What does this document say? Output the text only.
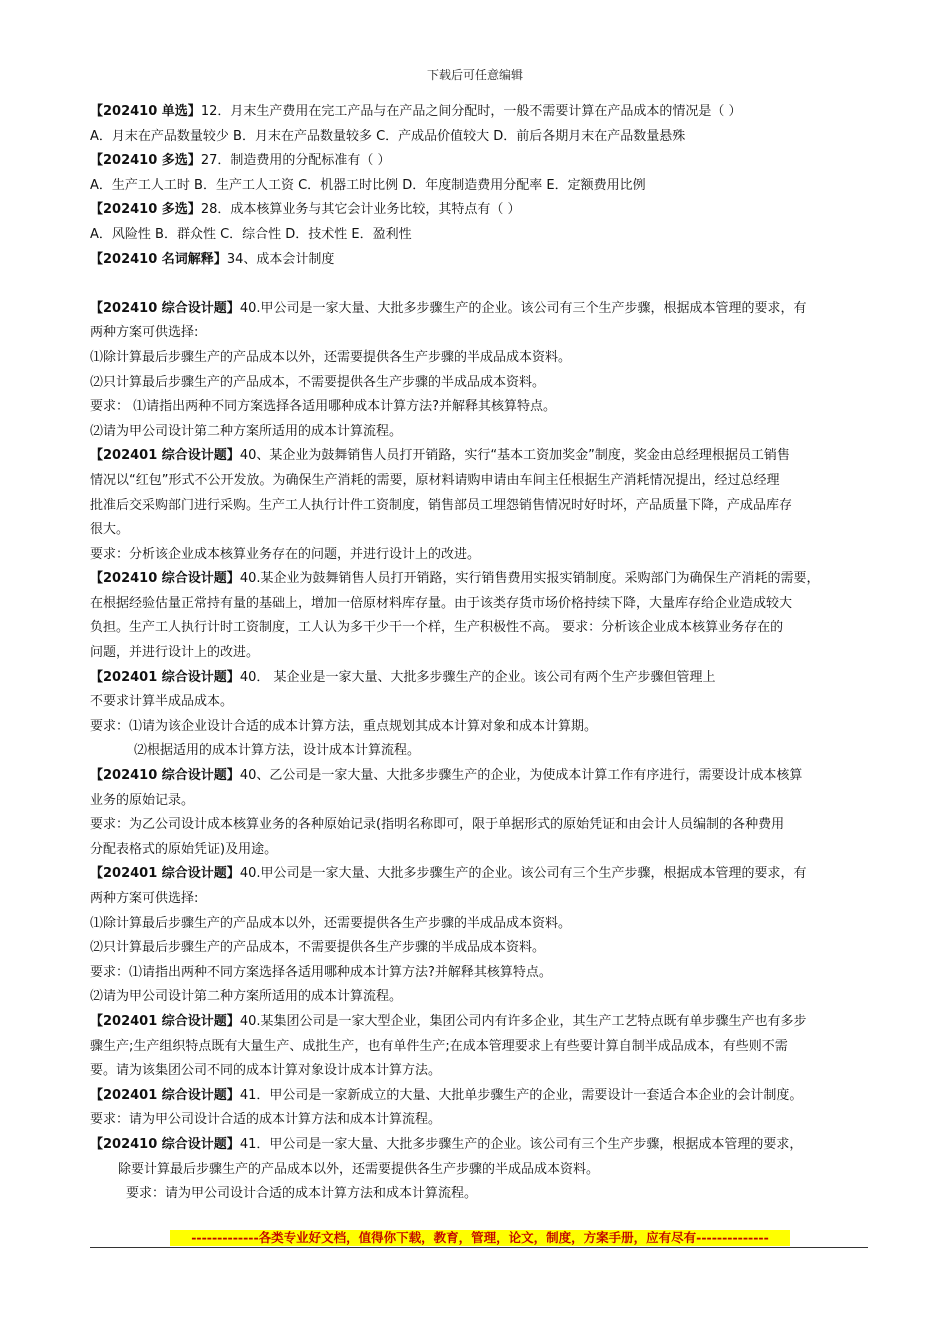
下载后可任意编辑
【202410 单选】12．月末生产费用在完工产品与在产品之间分配时，一般不需要计算在产品成本的情况是（ ）
A．月末在产品数量较少 B．月末在产品数量较多 C．产成品价值较大 D．前后各期月末在产品数量悬殊
【202410 多选】27．制造费用的分配标准有（ ）
A．生产工人工时 B．生产工人工资 C．机器工时比例 D．年度制造费用分配率 E．定额费用比例
【202410 多选】28．成本核算业务与其它会计业务比较，其特点有（ ）
A．风险性 B．群众性 C．综合性 D．技术性 E．盈利性
【202410 名词解释】34、成本会计制度
【202410 综合设计题】40.甲公司是一家大量、大批多步骤生产的企业。该公司有三个生产步骤，根据成本管理的要求，有
两种方案可供选择:
⑴除计算最后步骤生产的产品成本以外，还需要提供各生产步骤的半成品成本资料。
⑵只计算最后步骤生产的产品成本，不需要提供各生产步骤的半成品成本资料。
要求： ⑴请指出两种不同方案选择各适用哪种成本计算方法?并解释其核算特点。
⑵请为甲公司设计第二种方案所适用的成本计算流程。
【202401 综合设计题】40、某企业为鼓舞销售人员打开销路，实行“基本工资加奖金”制度，奖金由总经理根据员工销售
情况以“红包”形式不公开发放。为确保生产消耗的需要，原材料请购申请由车间主任根据生产消耗情况提出，经过总经理
批准后交采购部门进行采购。生产工人执行计件工资制度，销售部员工埋怨销售情况时好时坏，产品质量下降，产成品库存
很大。
要求：分析该企业成本核算业务存在的问题，并进行设计上的改进。
【202410 综合设计题】40.某企业为鼓舞销售人员打开销路，实行销售费用实报实销制度。采购部门为确保生产消耗的需要，
在根据经验估量正常持有量的基础上，增加一倍原材料库存量。由于该类存货市场价格持续下降，大量库存给企业造成较大
负担。生产工人执行计时工资制度，工人认为多干少干一个样，生产积极性不高。 要求：分析该企业成本核算业务存在的
问题，并进行设计上的改进。
【202401 综合设计题】40． 某企业是一家大量、大批多步骤生产的企业。该公司有两个生产步骤但管理上
不要求计算半成品成本。
要求：⑴请为该企业设计合适的成本计算方法，重点规划其成本计算对象和成本计算期。
⑵根据适用的成本计算方法，设计成本计算流程。
【202410 综合设计题】40、乙公司是一家大量、大批多步骤生产的企业，为使成本计算工作有序进行，需要设计成本核算
业务的原始记录。
要求：为乙公司设计成本核算业务的各种原始记录(指明名称即可，限于单据形式的原始凭证和由会计人员编制的各种费用
分配表格式的原始凭证)及用途。
【202401 综合设计题】40.甲公司是一家大量、大批多步骤生产的企业。该公司有三个生产步骤，根据成本管理的要求，有
两种方案可供选择:
⑴除计算最后步骤生产的产品成本以外，还需要提供各生产步骤的半成品成本资料。
⑵只计算最后步骤生产的产品成本，不需要提供各生产步骤的半成品成本资料。
要求：⑴请指出两种不同方案选择各适用哪种成本计算方法?并解释其核算特点。
⑵请为甲公司设计第二种方案所适用的成本计算流程。
【202401 综合设计题】40.某集团公司是一家大型企业，集团公司内有许多企业，其生产工艺特点既有单步骤生产也有多步
骤生产;生产组织特点既有大量生产、成批生产，也有单件生产;在成本管理要求上有些要计算自制半成品成本，有些则不需
要。请为该集团公司不同的成本计算对象设计成本计算方法。
【202401 综合设计题】41．甲公司是一家新成立的大量、大批单步骤生产的企业，需要设计一套适合本企业的会计制度。
要求：请为甲公司设计合适的成本计算方法和成本计算流程。
【202410 综合设计题】41．甲公司是一家大量、大批多步骤生产的企业。该公司有三个生产步骤，根据成本管理的要求，
除要计算最后步骤生产的产品成本以外，还需要提供各生产步骤的半成品成本资料。
要求：请为甲公司设计合适的成本计算方法和成本计算流程。
-------------各类专业好文档，值得你下载，教育，管理，论文，制度，方案手册，应有尽有--------------
